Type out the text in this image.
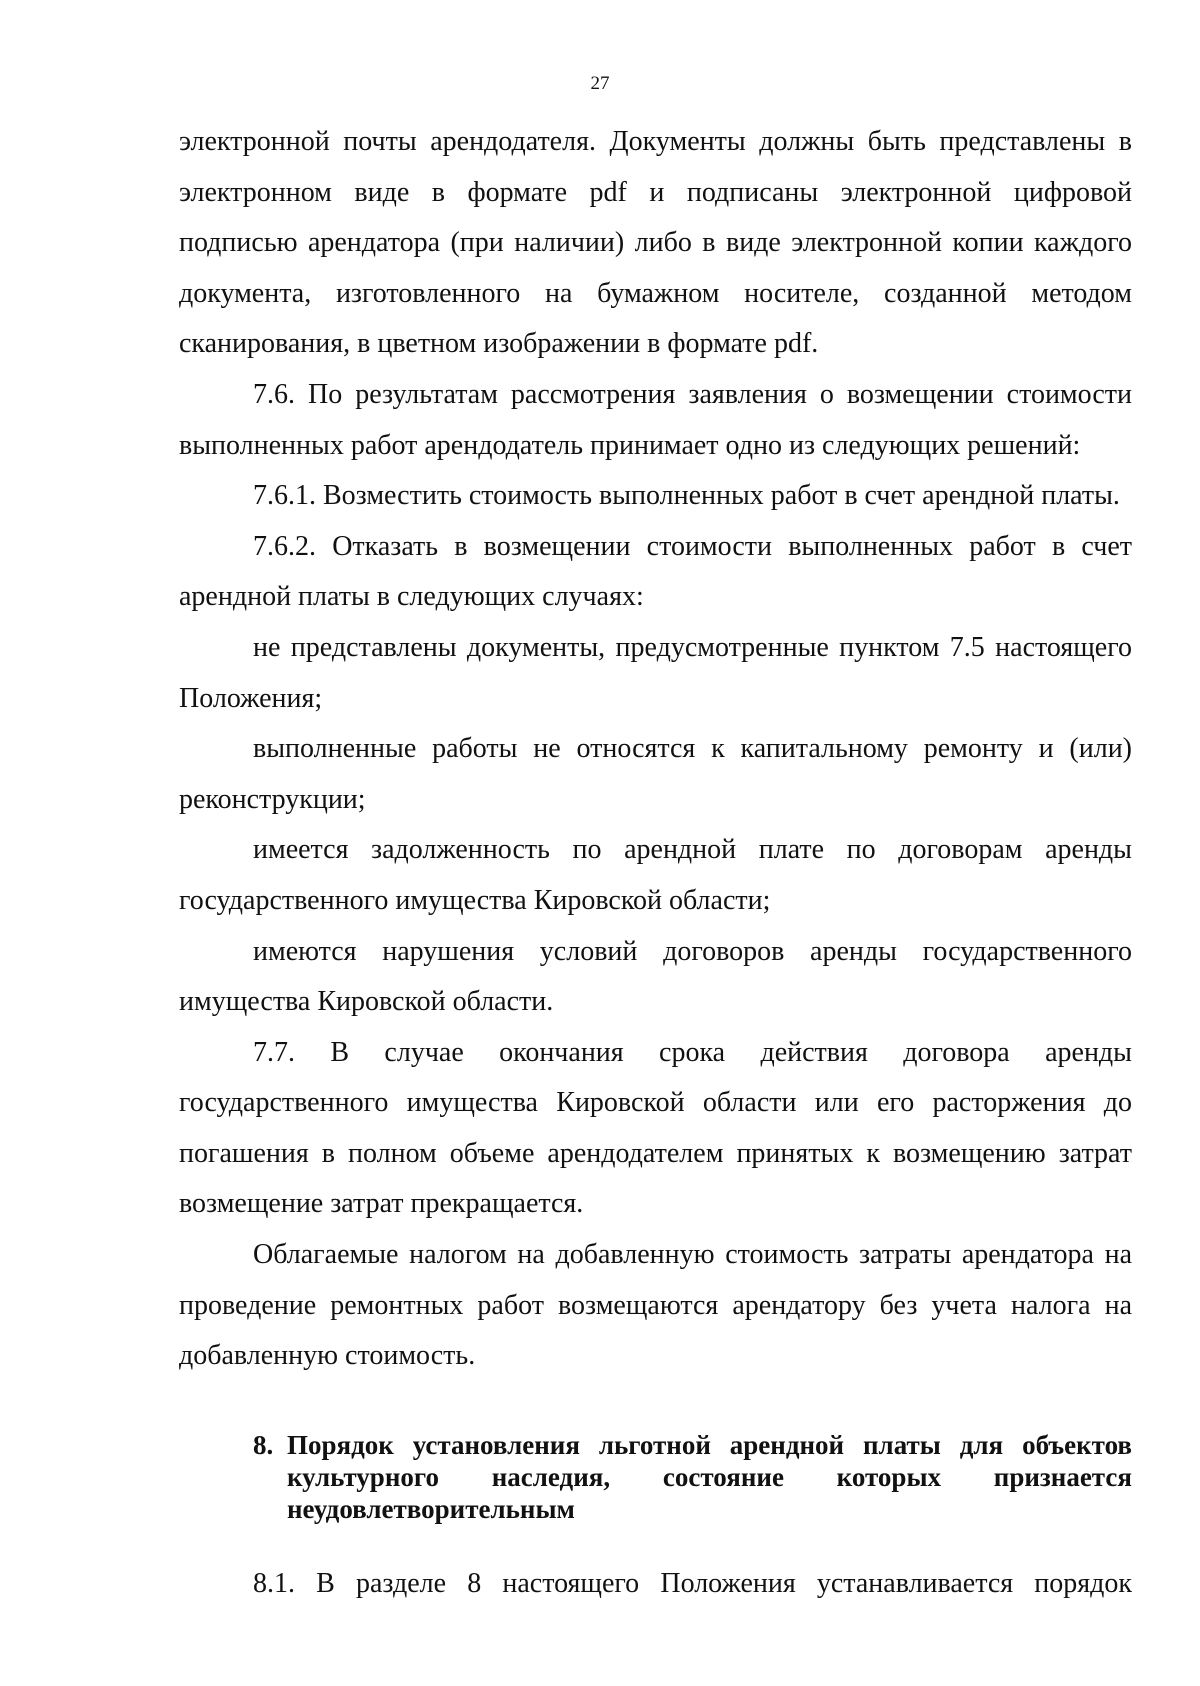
27

электронной почты арендодателя. Документы должны быть представлены в электронном виде в формате pdf и подписаны электронной цифровой подписью арендатора (при наличии) либо в виде электронной копии каждого документа, изготовленного на бумажном носителе, созданной методом сканирования, в цветном изображении в формате pdf.

7.6. По результатам рассмотрения заявления о возмещении стоимости выполненных работ арендодатель принимает одно из следующих решений:

7.6.1. Возместить стоимость выполненных работ в счет арендной платы.

7.6.2. Отказать в возмещении стоимости выполненных работ в счет арендной платы в следующих случаях:

не представлены документы, предусмотренные пунктом 7.5 настоящего Положения;

выполненные работы не относятся к капитальному ремонту и (или) реконструкции;

имеется задолженность по арендной плате по договорам аренды государственного имущества Кировской области;

имеются нарушения условий договоров аренды государственного имущества Кировской области.

7.7. В случае окончания срока действия договора аренды государственного имущества Кировской области или его расторжения до погашения в полном объеме арендодателем принятых к возмещению затрат возмещение затрат прекращается.

Облагаемые налогом на добавленную стоимость затраты арендатора на проведение ремонтных работ возмещаются арендатору без учета налога на добавленную стоимость.

8. Порядок установления льготной арендной платы для объектов культурного наследия, состояние которых признается неудовлетворительным

8.1. В разделе 8 настоящего Положения устанавливается порядок
